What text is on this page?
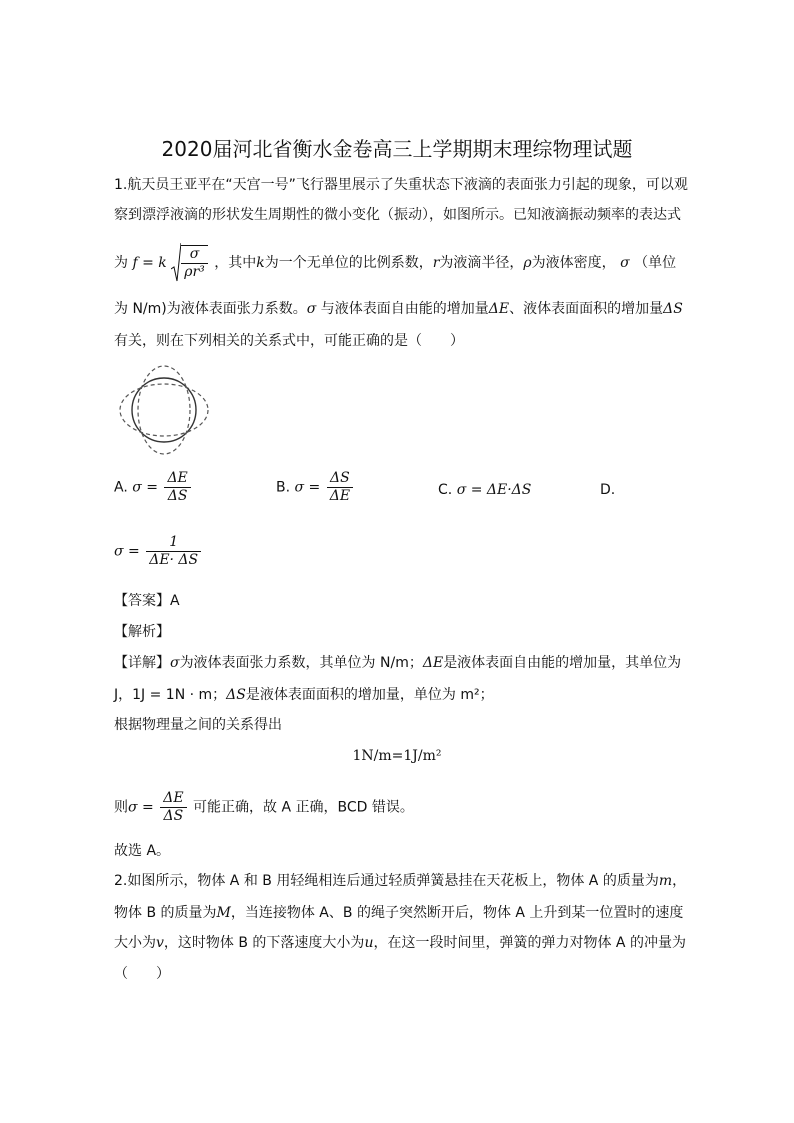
2020届河北省衡水金卷高三上学期期末理综物理试题
1.航天员王亚平在“天宫一号”飞行器里展示了失重状态下液滴的表面张力引起的现象，可以观
察到漂浮液滴的形状发生周期性的微小变化（振动），如图所示。已知液滴振动频率的表达式
为 f = k $\frac{\sigma}{\text{ρr³}}$ ，其中k为一个无单位的比例系数，r为液滴半径，ρ为液体密度， σ （单位
为 N/m)为液体表面张力系数。σ 与液体表面自由能的增加量ΔE、液体表面面积的增加量ΔS
有关，则在下列相关的关系式中，可能正确的是（　　）
A. $\sigma = \frac{\Delta E}{\Delta S}$	B. $\sigma = \frac{\Delta S}{\Delta E}$	C. σ = ΔE·ΔS	D.
$\sigma = \frac{1}{\Delta E\cdot \Delta S}$
【答案】A
【解析】
【详解】σ为液体表面张力系数，其单位为 N/m；ΔE是液体表面自由能的增加量，其单位为
J，1J = 1N · m；ΔS是液体表面面积的增加量，单位为 m²；
根据物理量之间的关系得出
1N/m=1J/m²
则$\sigma = \frac{\Delta E}{\Delta S}$ 可能正确，故 A 正确，BCD 错误。
故选 A。
2.如图所示，物体 A 和 B 用轻绳相连后通过轻质弹簧悬挂在天花板上，物体 A 的质量为m，
物体 B 的质量为M，当连接物体 A、B 的绳子突然断开后，物体 A 上升到某一位置时的速度
大小为v，这时物体 B 的下落速度大小为u，在这一段时间里，弹簧的弹力对物体 A 的冲量为
（　　）
